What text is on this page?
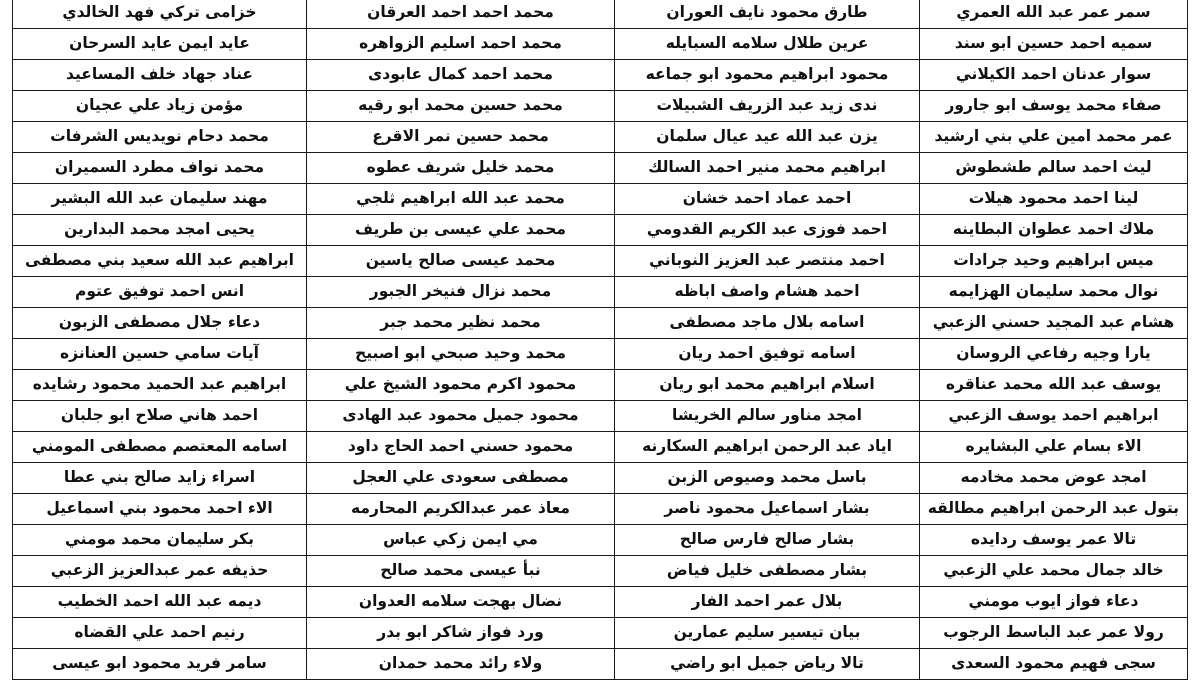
سمر عمر عبد الله العمري	طارق محمود نايف العوران	محمد احمد احمد العرقان	خزامى تركي فهد الخالدي
سميه احمد حسين ابو سند	عرين طلال سلامه السبايله	محمد احمد اسليم الزواهره	عايد ايمن عايد السرحان
سوار عدنان احمد الكيلاني	محمود ابراهيم محمود ابو جماعه	محمد احمد كمال عابودى	عناد جهاد خلف المساعيد
صفاء محمد يوسف ابو جارور	ندى زيد عبد الزريف الشبيلات	محمد حسين محمد ابو رقيه	مؤمن زياد علي عجيان
عمر محمد امين علي بني ارشيد	يزن عبد الله عيد عيال سلمان	محمد حسين نمر الاقرع	محمد دحام نويديس الشرفات
ليث احمد سالم طشطوش	ابراهيم محمد منير احمد السالك	محمد خليل شريف عطوه	محمد نواف مطرد السميران
لينا احمد محمود هيلات	احمد عماد احمد خشان	محمد عبد الله ابراهيم ثلجي	مهند سليمان عبد الله البشير
ملاك احمد عطوان البطاينه	احمد فوزى عبد الكريم القدومي	محمد علي عيسى بن طريف	يحيى امجد محمد البدارين
ميس ابراهيم وحيد جرادات	احمد منتصر عبد العزيز النوباني	محمد عيسى صالح ياسين	ابراهيم عبد الله سعيد بني مصطفى
نوال محمد سليمان الهزايمه	احمد هشام واصف اباظه	محمد نزال فنيخر الجبور	انس احمد توفيق عتوم
هشام عبد المجيد حسني الزعبي	اسامه بلال ماجد مصطفى	محمد نظير محمد جبر	دعاء جلال مصطفى الزبون
يارا وجيه رفاعي الروسان	اسامه توفيق احمد ريان	محمد وحيد صبحي ابو اصبيح	آيات سامي حسين العنانزه
يوسف عبد الله محمد عناقره	اسلام ابراهيم محمد ابو ريان	محمود اكرم محمود الشيخ علي	ابراهيم عبد الحميد محمود رشايده
ابراهيم احمد يوسف الزعبي	امجد مناور سالم الخريشا	محمود جميل محمود عبد الهادى	احمد هاني صلاح ابو جلبان
الاء بسام علي البشايره	اياد عبد الرحمن ابراهيم السكارنه	محمود حسني احمد الحاج داود	اسامه المعتصم مصطفى المومني
امجد عوض محمد مخادمه	باسل محمد وصيوص الزبن	مصطفى سعودى علي العجل	اسراء زايد صالح بني عطا
بتول عبد الرحمن ابراهيم مطالقه	بشار اسماعيل محمود ناصر	معاذ عمر عبدالكريم المحارمه	الاء احمد محمود بني اسماعيل
تالا عمر يوسف ردايده	بشار صالح فارس صالح	مي ايمن زكي عباس	بكر سليمان محمد مومني
خالد جمال محمد علي الزعبي	بشار مصطفى خليل فياض	نبأ عيسى محمد صالح	حذيفه عمر عبدالعزيز الزعبي
دعاء فواز ايوب مومني	بلال عمر احمد الفار	نضال بهجت سلامه العدوان	ديمه عبد الله احمد الخطيب
رولا عمر عبد الباسط الرجوب	بيان تيسير سليم عمارين	ورد فواز شاكر ابو بدر	رنيم احمد علي القضاه
سجى فهيم محمود السعدى	تالا رياض جميل ابو راضي	ولاء رائد محمد حمدان	سامر فريد محمود ابو عيسى
